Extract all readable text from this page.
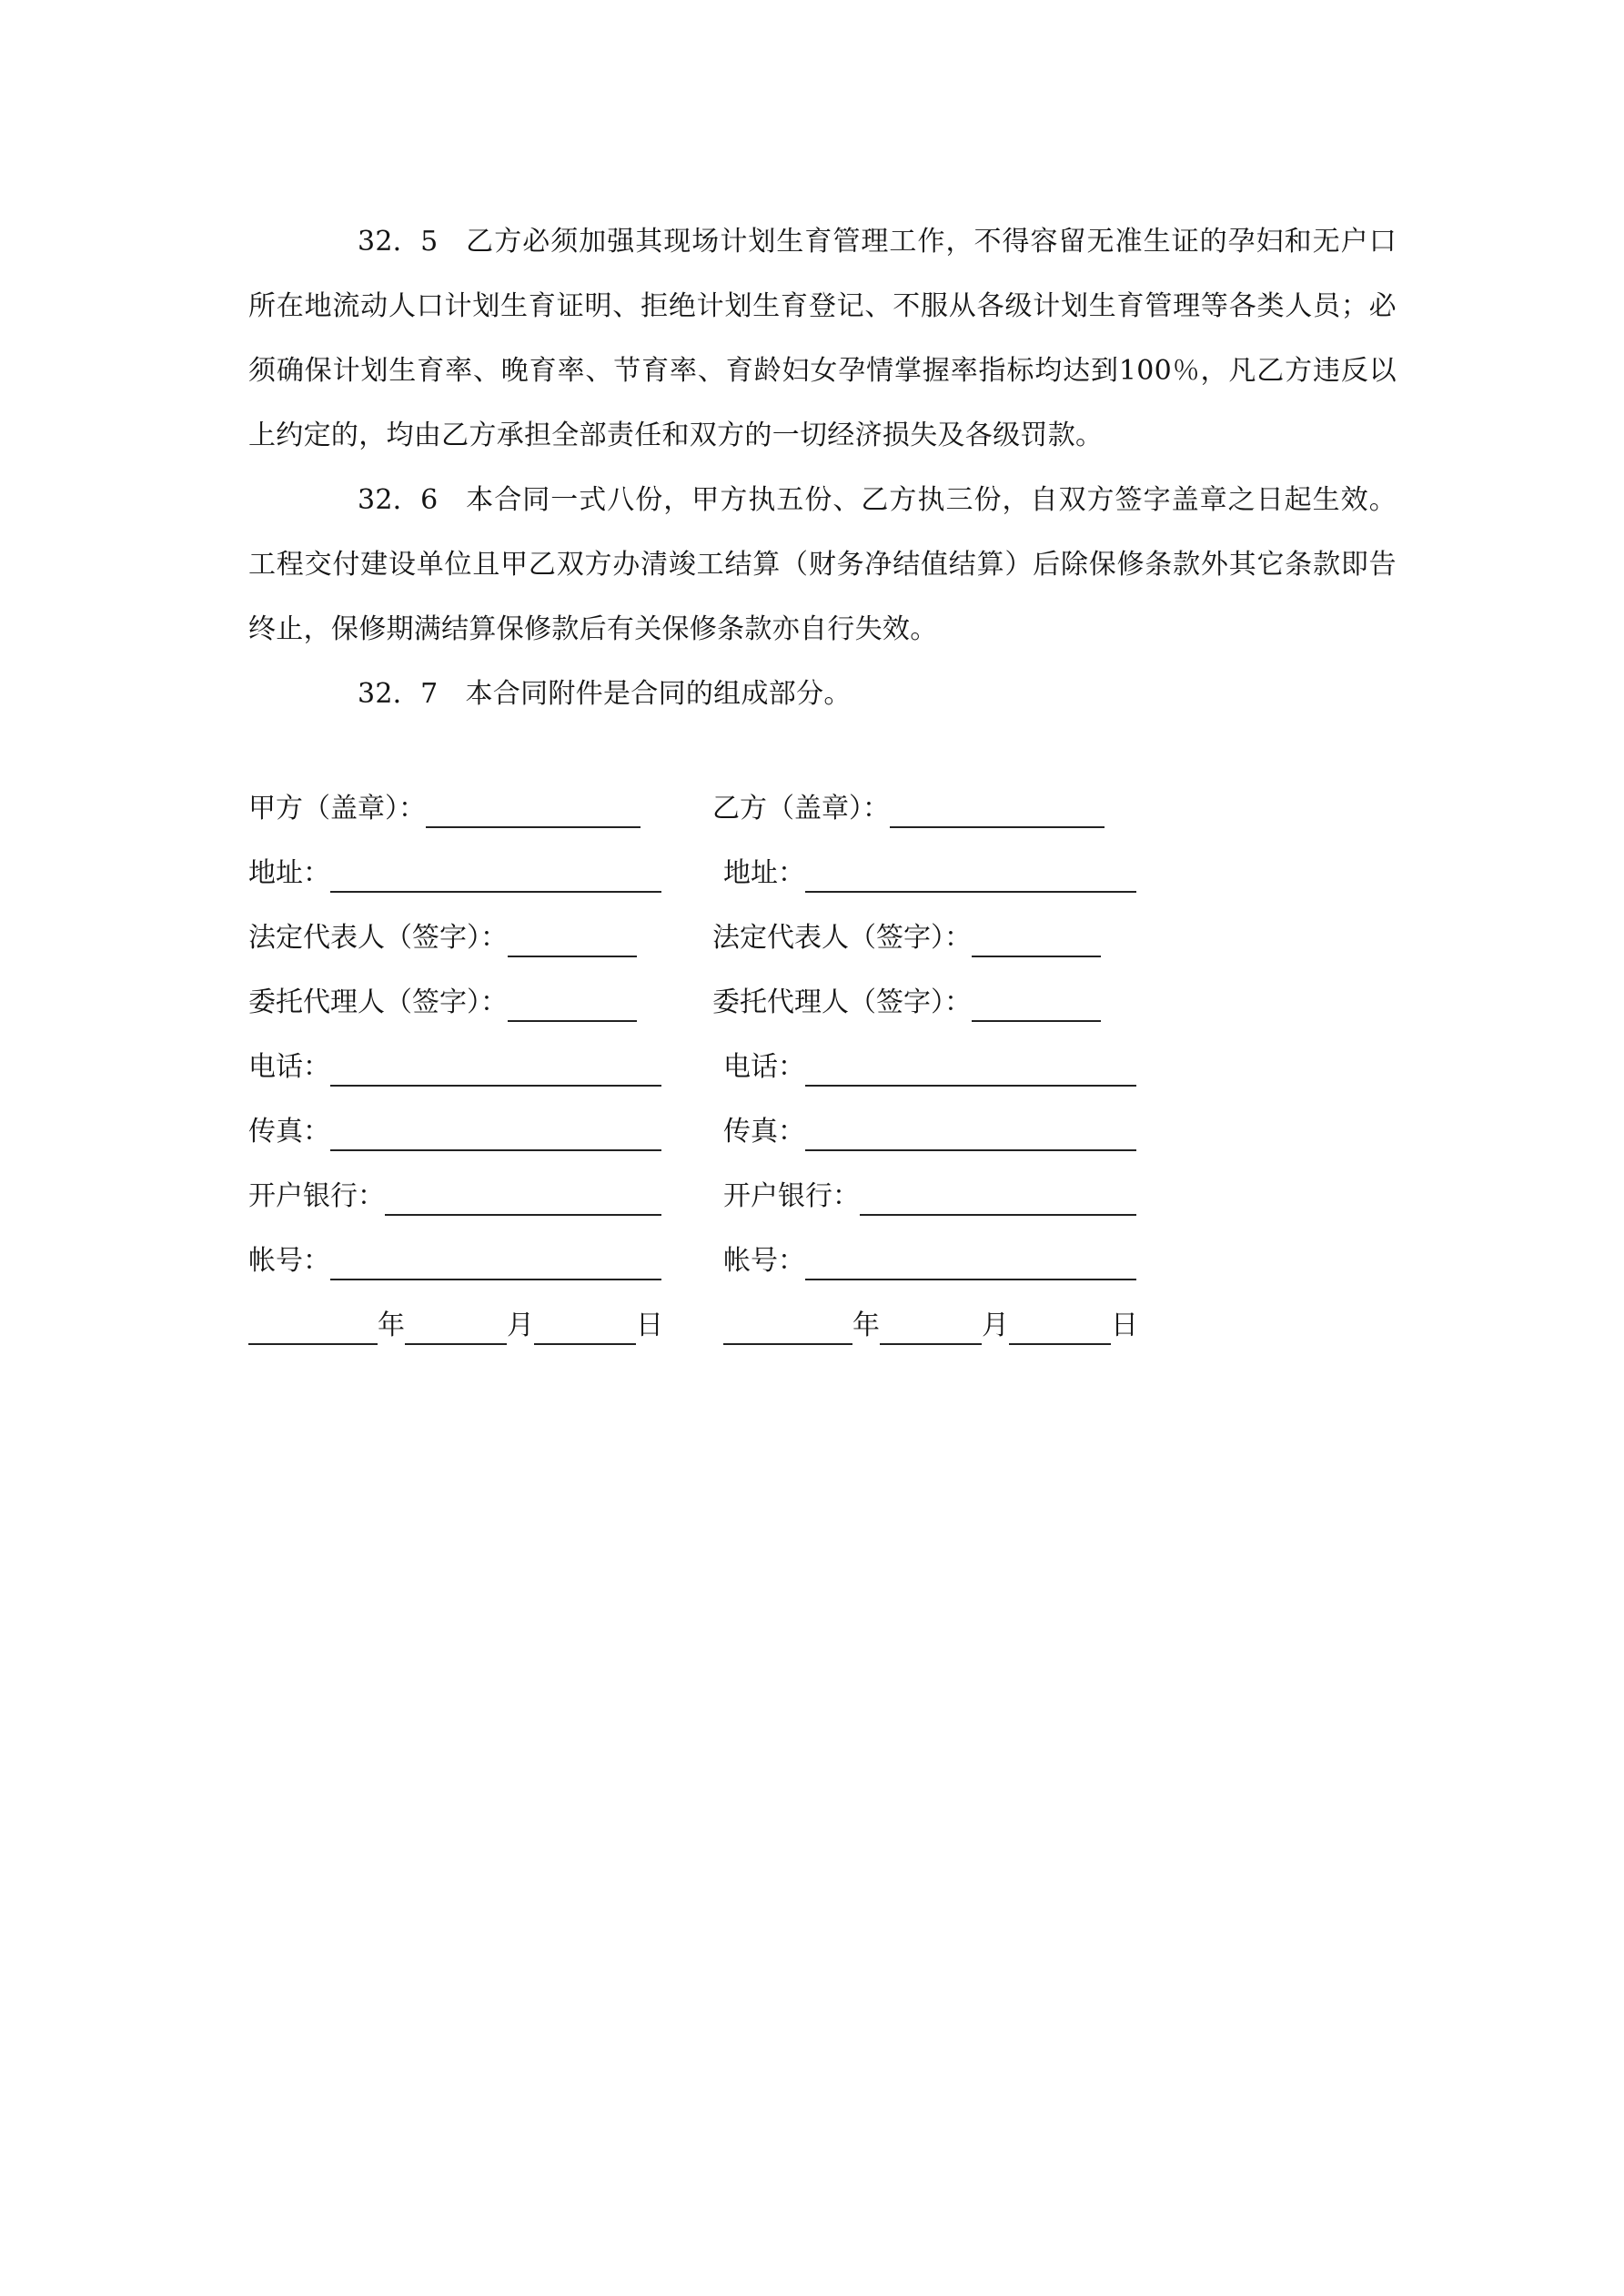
32．5 乙方必须加强其现场计划生育管理工作，不得容留无准生证的孕妇和无户口所在地流动人口计划生育证明、拒绝计划生育登记、不服从各级计划生育管理等各类人员；必须确保计划生育率、晚育率、节育率、育龄妇女孕情掌握率指标均达到100％，凡乙方违反以上约定的，均由乙方承担全部责任和双方的一切经济损失及各级罚款。

32．6 本合同一式八份，甲方执五份、乙方执三份，自双方签字盖章之日起生效。工程交付建设单位且甲乙双方办清竣工结算（财务净结值结算）后除保修条款外其它条款即告终止，保修期满结算保修款后有关保修条款亦自行失效。

32．7 本合同附件是合同的组成部分。

甲方（盖章）：	乙方（盖章）：
地址：	地址：
法定代表人（签字）：	法定代表人（签字）：
委托代理人（签字）：	委托代理人（签字）：
电话：	电话：
传真：	传真：
开户银行：	开户银行：
帐号：	帐号：
年	月	日	年	月	日
